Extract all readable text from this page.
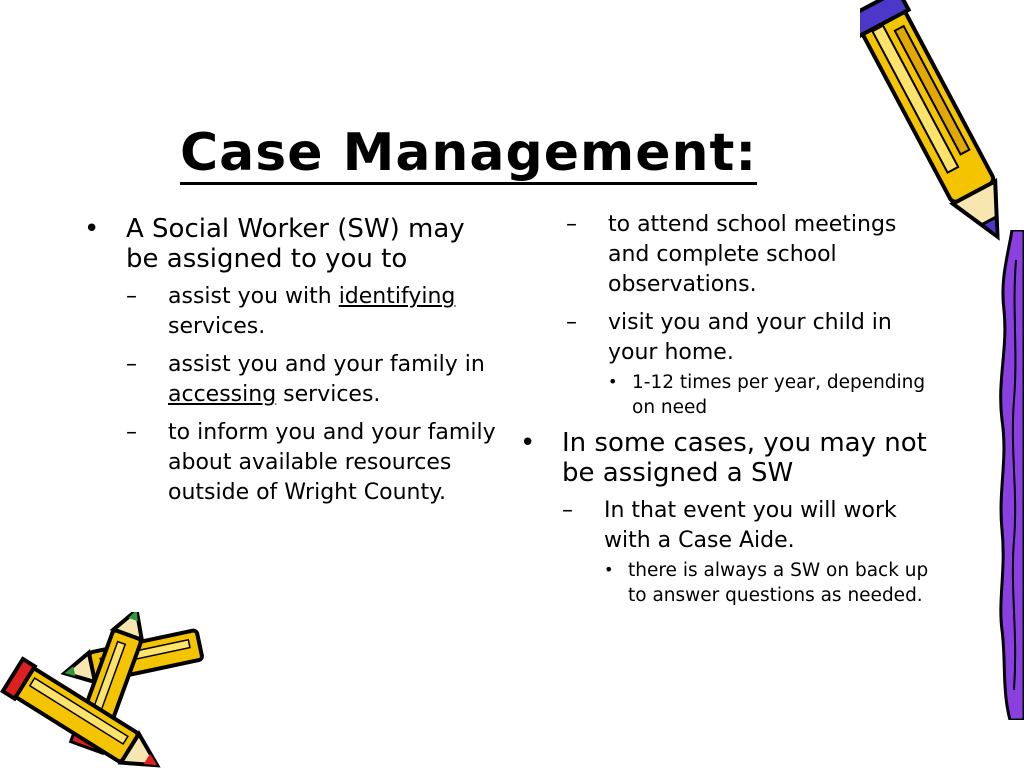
Case Management:
•	A Social Worker (SW) may be assigned to you to
– assist you with identifying services.
– assist you and your family in accessing services.
– to inform you and your family about available resources outside of Wright County.
– to attend school meetings and complete school observations.
– visit you and your child in your home.
• 1-12 times per year, depending on need
•	In some cases, you may not be assigned a SW
– In that event you will work with a Case Aide.
• there is always a SW on back up to answer questions as needed.
